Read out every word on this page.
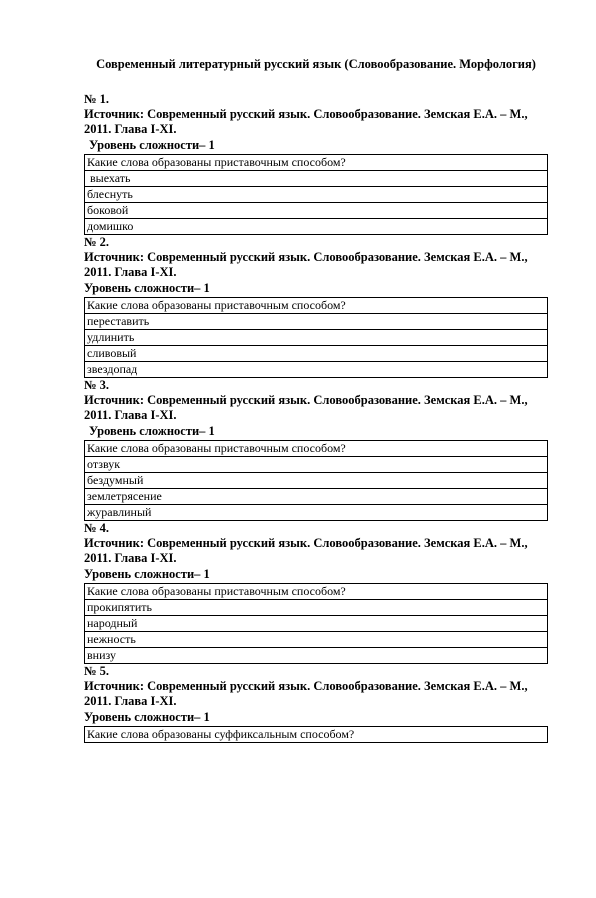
Современный литературный русский язык (Словообразование. Морфология)
№ 1.
Источник: Современный русский язык. Словообразование. Земская Е.А. – М., 2011. Глава I-XI.
Уровень сложности– 1
Какие слова образованы приставочным способом?
выехать
блеснуть
боковой
домишко
№ 2.
Источник: Современный русский язык. Словообразование. Земская Е.А. – М., 2011. Глава I-XI.
Уровень сложности– 1
Какие слова образованы приставочным способом?
переставить
удлинить
сливовый
звездопад
№ 3.
Источник: Современный русский язык. Словообразование. Земская Е.А. – М., 2011. Глава I-XI.
Уровень сложности– 1
Какие слова образованы приставочным способом?
отзвук
бездумный
землетрясение
журавлиный
№ 4.
Источник: Современный русский язык. Словообразование. Земская Е.А. – М., 2011. Глава I-XI.
Уровень сложности– 1
Какие слова образованы приставочным способом?
прокипятить
народный
нежность
внизу
№ 5.
Источник: Современный русский язык. Словообразование. Земская Е.А. – М., 2011. Глава I-XI.
Уровень сложности– 1
Какие слова образованы суффиксальным способом?
